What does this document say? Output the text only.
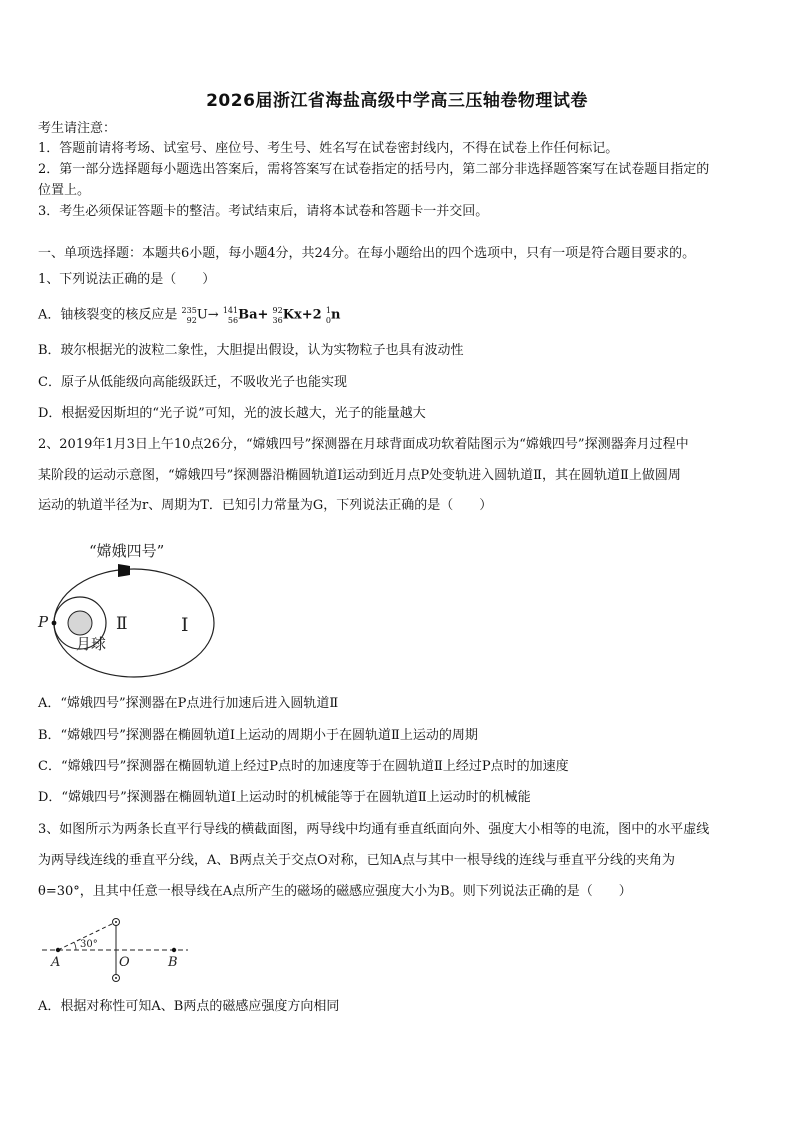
2026届浙江省海盐高级中学高三压轴卷物理试卷
考生请注意：
1．答题前请将考场、试室号、座位号、考生号、姓名写在试卷密封线内，不得在试卷上作任何标记。
2．第一部分选择题每小题选出答案后，需将答案写在试卷指定的括号内，第二部分非选择题答案写在试卷题目指定的
位置上。
3．考生必须保证答题卡的整洁。考试结束后，请将本试卷和答题卡一并交回。
一、单项选择题：本题共6小题，每小题4分，共24分。在每小题给出的四个选项中，只有一项是符合题目要求的。
1、下列说法正确的是（　　）
A．铀核裂变的核反应是 235
92U→ 141
56Ba+ 92
36Kx+2 1
0n
B．玻尔根据光的波粒二象性，大胆提出假设，认为实物粒子也具有波动性
C．原子从低能级向高能级跃迁，不吸收光子也能实现
D．根据爱因斯坦的“光子说”可知，光的波长越大，光子的能量越大
2、2019年1月3日上午10点26分，“嫦娥四号”探测器在月球背面成功软着陆图示为“嫦娥四号”探测器奔月过程中
某阶段的运动示意图，“嫦娥四号”探测器沿椭圆轨道Ⅰ运动到近月点P处变轨进入圆轨道Ⅱ，其在圆轨道Ⅱ上做圆周
运动的轨道半径为r、周期为T．已知引力常量为G，下列说法正确的是（　　）
“嫦娥四号”
P	Ⅱ	Ⅰ
月球
A．“嫦娥四号”探测器在P点进行加速后进入圆轨道Ⅱ
B．“嫦娥四号”探测器在椭圆轨道Ⅰ上运动的周期小于在圆轨道Ⅱ上运动的周期
C．“嫦娥四号”探测器在椭圆轨道上经过P点时的加速度等于在圆轨道Ⅱ上经过P点时的加速度
D．“嫦娥四号”探测器在椭圆轨道Ⅰ上运动时的机械能等于在圆轨道Ⅱ上运动时的机械能
3、如图所示为两条长直平行导线的横截面图，两导线中均通有垂直纸面向外、强度大小相等的电流，图中的水平虚线
为两导线连线的垂直平分线，A、B两点关于交点O对称，已知A点与其中一根导线的连线与垂直平分线的夹角为
θ=30°，且其中任意一根导线在A点所产生的磁场的磁感应强度大小为B。则下列说法正确的是（　　）
30°
A	O	B
A．根据对称性可知A、B两点的磁感应强度方向相同
